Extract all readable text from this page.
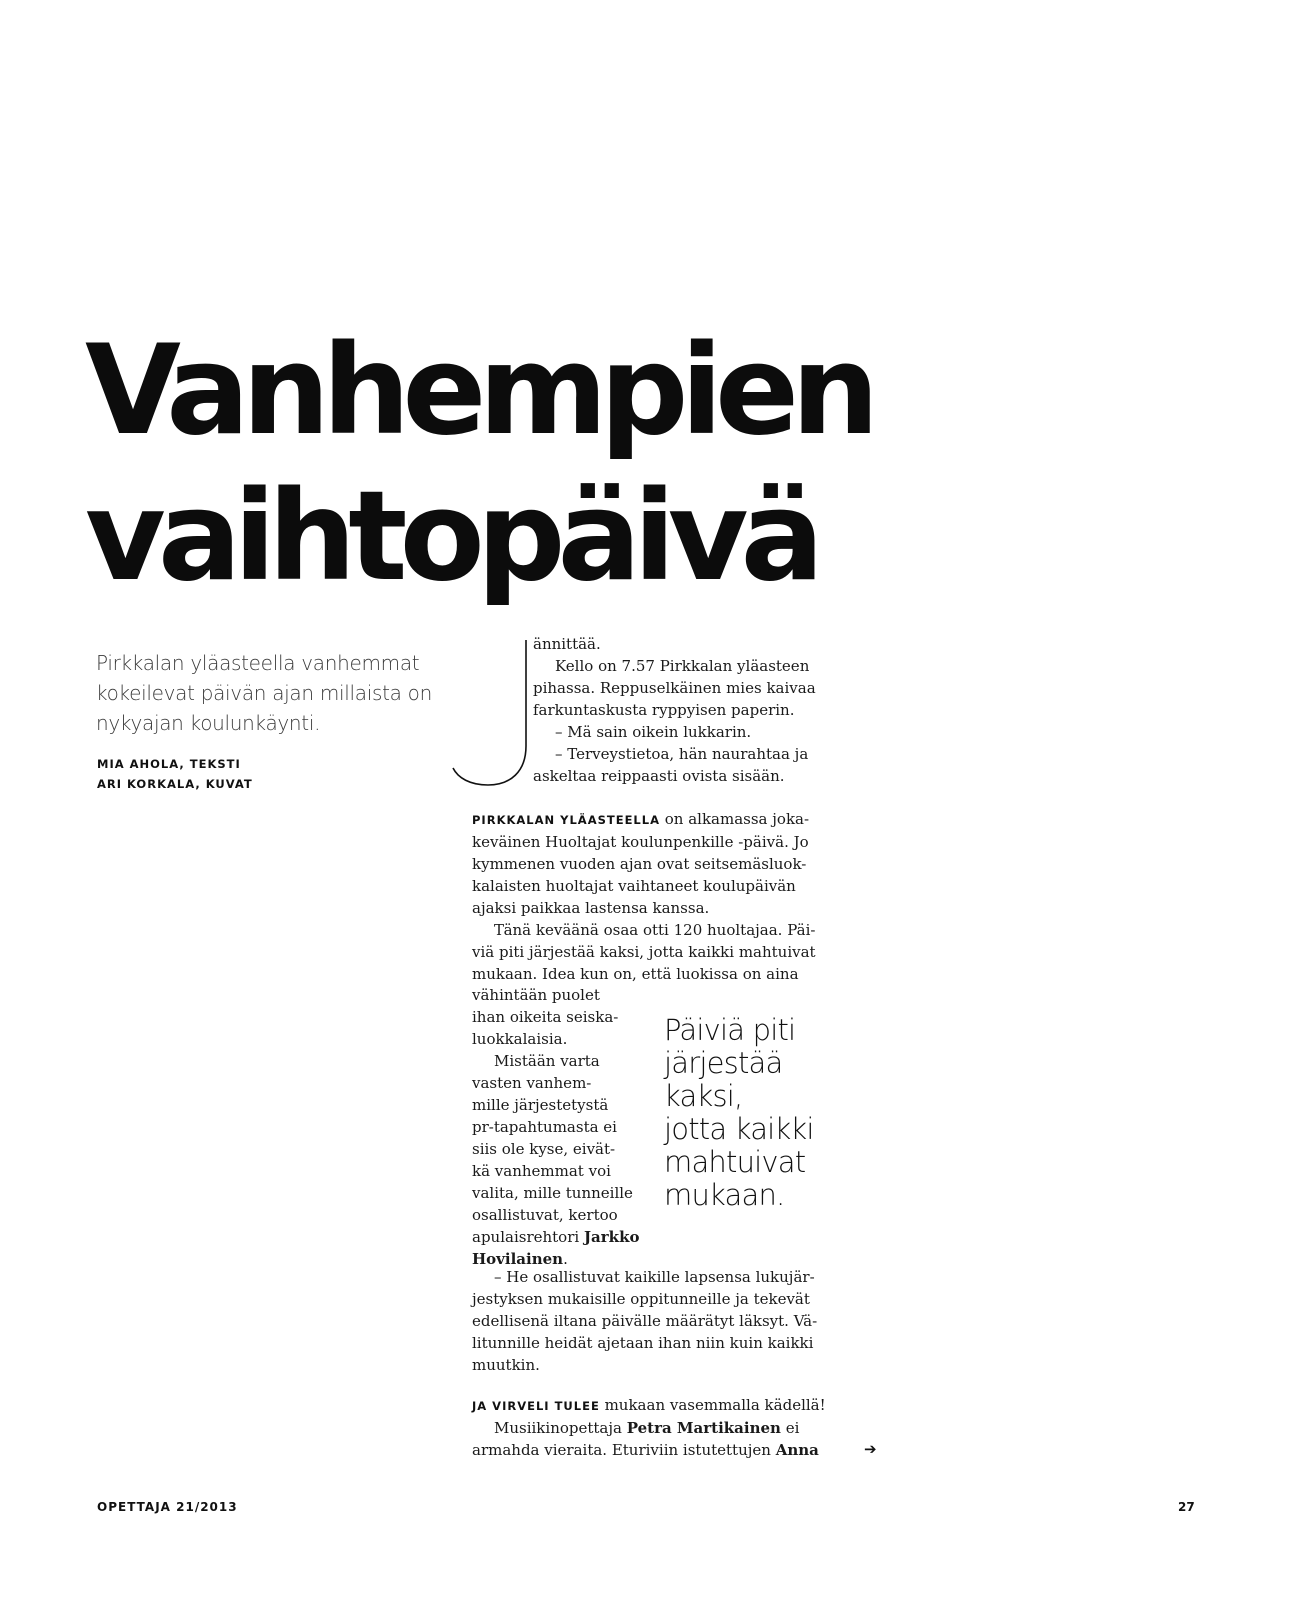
Vanhempien
vaihtopäivä
Pirkkalan yläasteella vanhemmat
kokeilevat päivän ajan millaista on
nykyajan koulunkäynti.
MIA AHOLA, TEKSTI
ARI KORKALA, KUVAT
ännittää.
Kello on 7.57 Pirkkalan yläasteen
pihassa. Reppuselkäinen mies kaivaa
farkuntaskusta ryppyisen paperin.
– Mä sain oikein lukkarin.
– Terveystietoa, hän naurahtaa ja
askeltaa reippaasti ovista sisään.
PIRKKALAN YLÄASTEELLA on alkamassa joka-
keväinen Huoltajat koulunpenkille -päivä. Jo
kymmenen vuoden ajan ovat seitsemäsluok-
kalaisten huoltajat vaihtaneet koulupäivän
ajaksi paikkaa lastensa kanssa.
Tänä keväänä osaa otti 120 huoltajaa. Päi-
viä piti järjestää kaksi, jotta kaikki mahtuivat
mukaan. Idea kun on, että luokissa on aina
vähintään puolet
ihan oikeita seiska-
luokkalaisia.
Mistään varta
vasten vanhem-
mille järjestetystä
pr-tapahtumasta ei
siis ole kyse, eivät-
kä vanhemmat voi
valita, mille tunneille
osallistuvat, kertoo
apulaisrehtori Jarkko
Hovilainen.
Päiviä piti
järjestää
kaksi,
jotta kaikki
mahtuivat
mukaan.
– He osallistuvat kaikille lapsensa lukujär-
jestyksen mukaisille oppitunneille ja tekevät
edellisenä iltana päivälle määrätyt läksyt. Vä-
litunnille heidät ajetaan ihan niin kuin kaikki
muutkin.
JA VIRVELI TULEE mukaan vasemmalla kädellä!
Musiikinopettaja Petra Martikainen ei
armahda vieraita. Eturiviin istutettujen Anna	➔
OPETTAJA 21/2013	27
